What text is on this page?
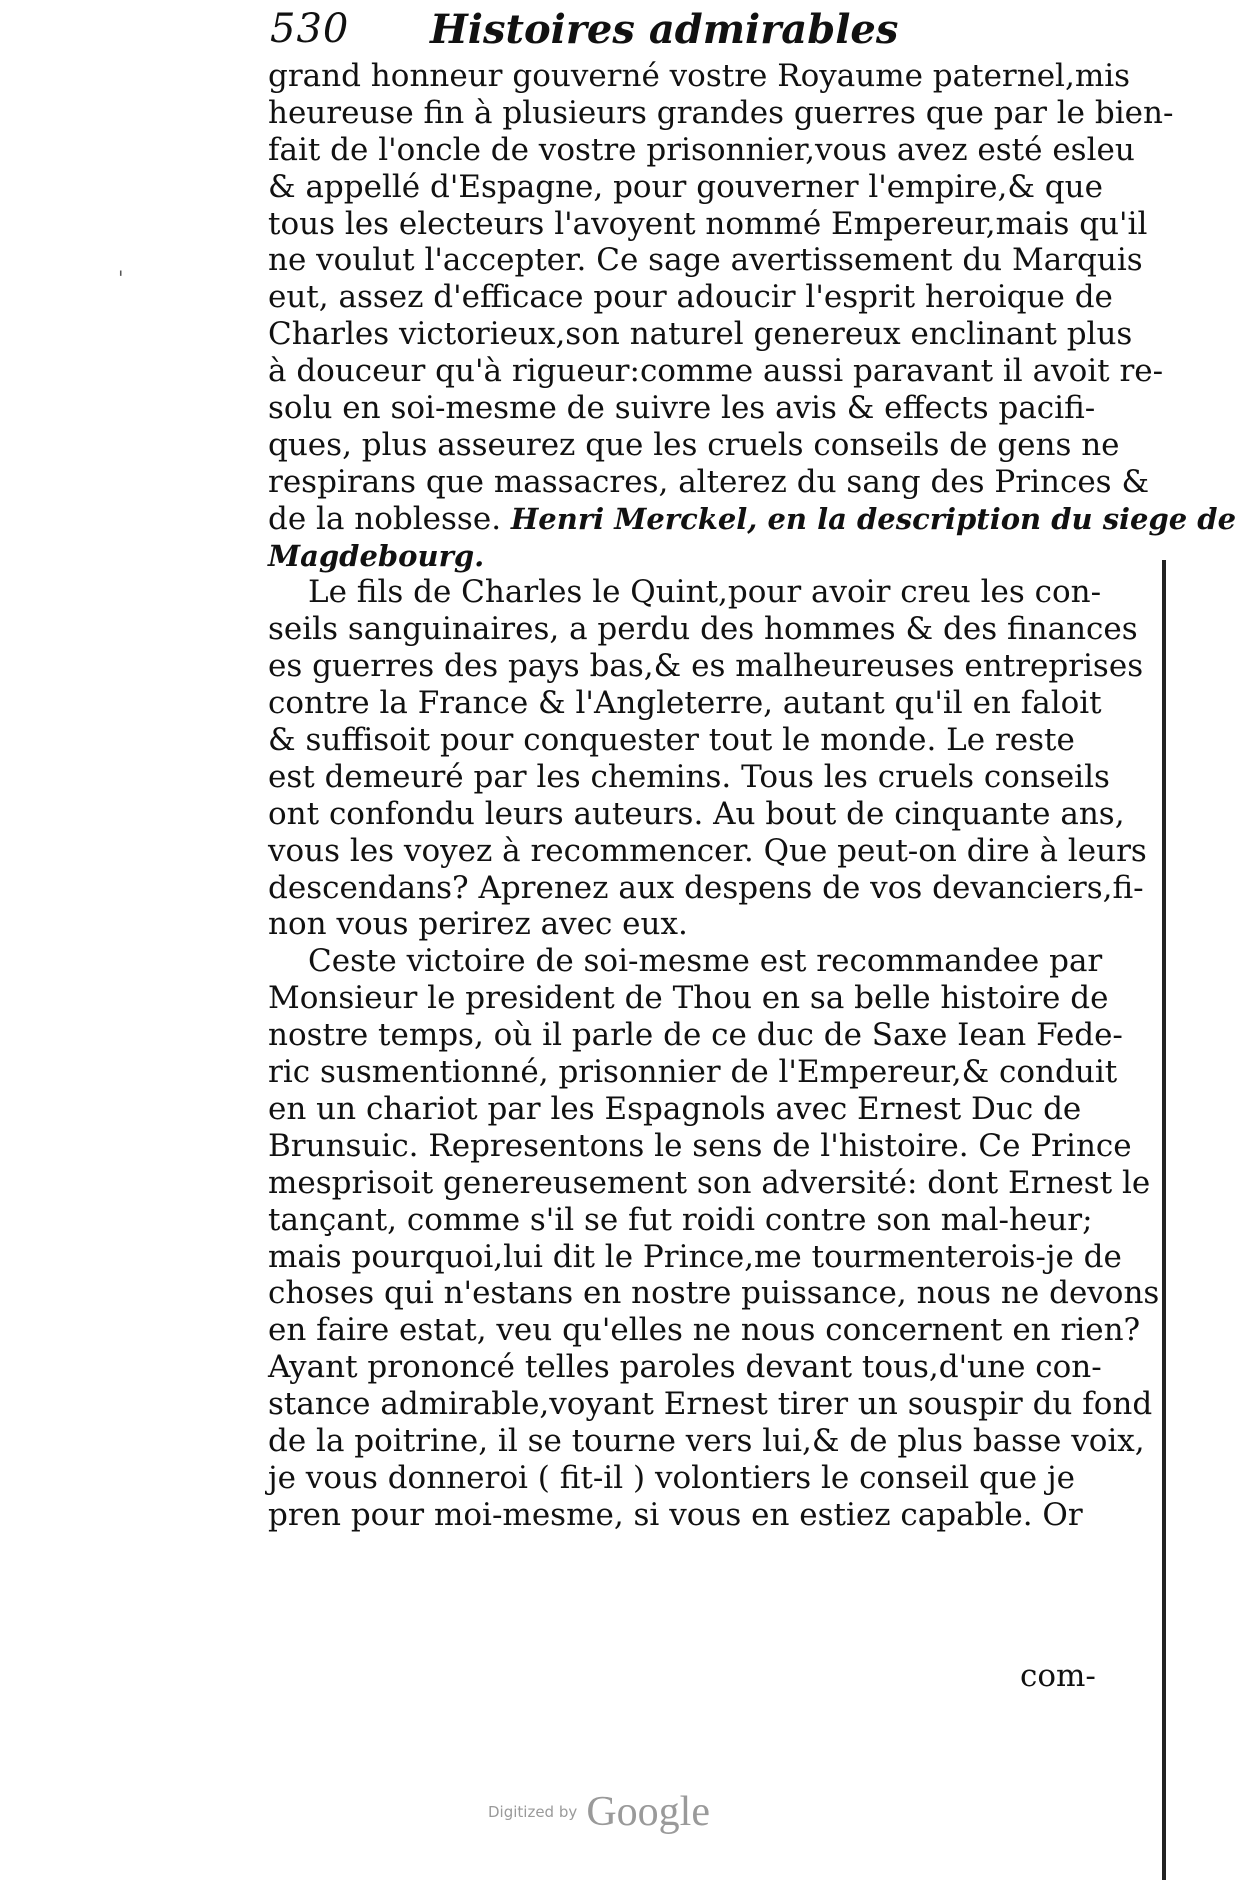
530 Histoires admirables
'
grand honneur gouverné vostre Royaume paternel,mis
heureuse fin à plusieurs grandes guerres que par le bien-
fait de l'oncle de vostre prisonnier,vous avez esté esleu
& appellé d'Espagne, pour gouverner l'empire,& que
tous les electeurs l'avoyent nommé Empereur,mais qu'il
ne voulut l'accepter. Ce sage avertissement du Marquis
eut, assez d'efficace pour adoucir l'esprit heroique de
Charles victorieux,son naturel genereux enclinant plus
à douceur qu'à rigueur:comme aussi paravant il avoit re-
solu en soi-mesme de suivre les avis & effects pacifi-
ques, plus asseurez que les cruels conseils de gens ne
respirans que massacres, alterez du sang des Princes &
de la noblesse. Henri Merckel, en la description du siege de
Magdebourg.
Le fils de Charles le Quint,pour avoir creu les con-
seils sanguinaires, a perdu des hommes & des finances
es guerres des pays bas,& es malheureuses entreprises
contre la France & l'Angleterre, autant qu'il en faloit
& suffisoit pour conquester tout le monde. Le reste
est demeuré par les chemins. Tous les cruels conseils
ont confondu leurs auteurs. Au bout de cinquante ans,
vous les voyez à recommencer. Que peut-on dire à leurs
descendans? Aprenez aux despens de vos devanciers,fi-
non vous perirez avec eux.
Ceste victoire de soi-mesme est recommandee par
Monsieur le president de Thou en sa belle histoire de
nostre temps, où il parle de ce duc de Saxe Iean Fede-
ric susmentionné, prisonnier de l'Empereur,& conduit
en un chariot par les Espagnols avec Ernest Duc de
Brunsuic. Representons le sens de l'histoire. Ce Prince
mesprisoit genereusement son adversité: dont Ernest le
tançant, comme s'il se fut roidi contre son mal-heur;
mais pourquoi,lui dit le Prince,me tourmenterois-je de
choses qui n'estans en nostre puissance, nous ne devons
en faire estat, veu qu'elles ne nous concernent en rien?
Ayant prononcé telles paroles devant tous,d'une con-
stance admirable,voyant Ernest tirer un souspir du fond
de la poitrine, il se tourne vers lui,& de plus basse voix,
je vous donneroi ( fit-il ) volontiers le conseil que je
pren pour moi-mesme, si vous en estiez capable. Or
com-
Digitized by Google
